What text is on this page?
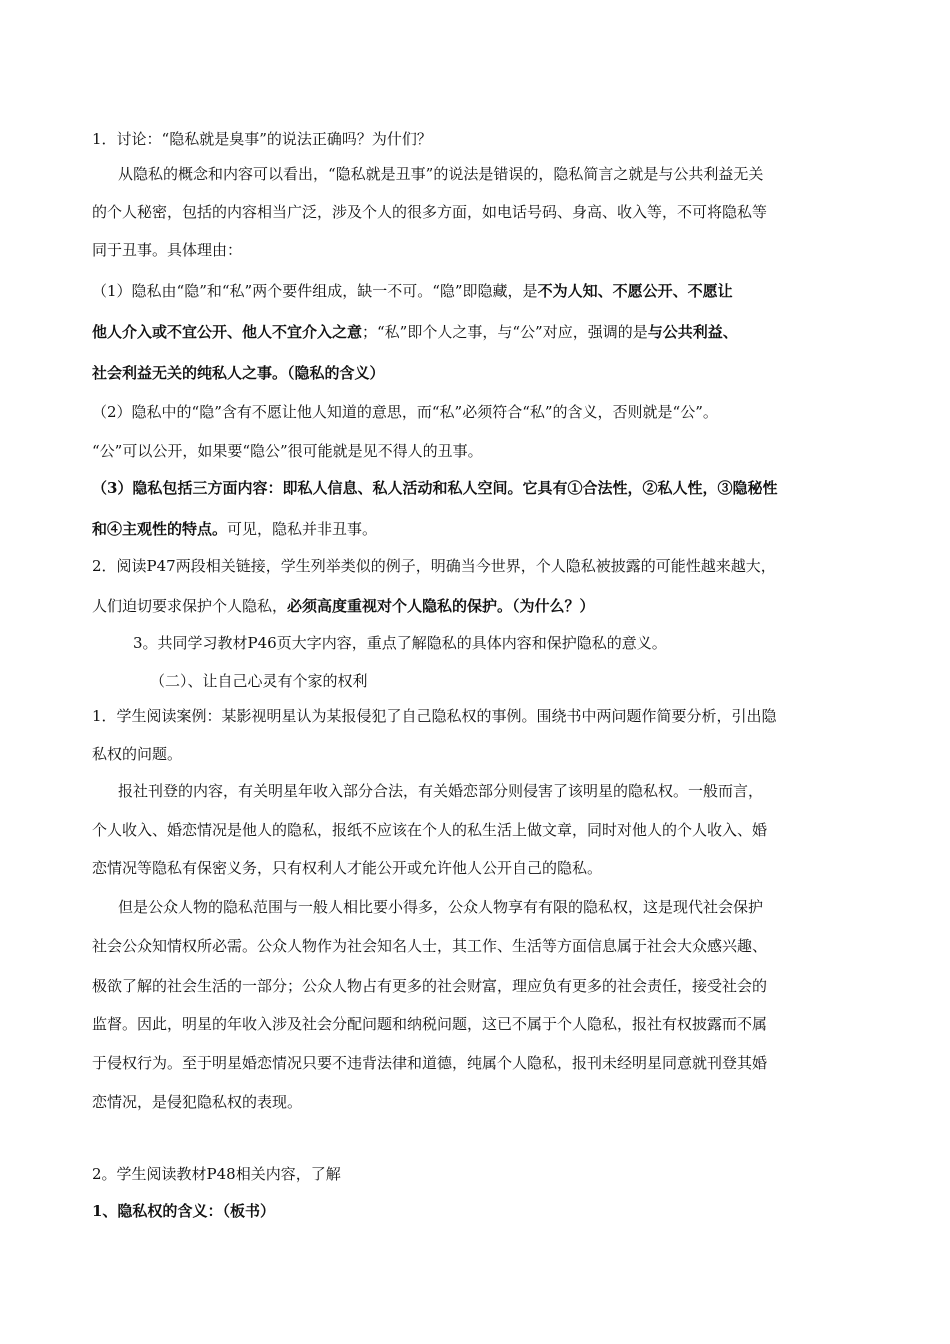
1．讨论：“隐私就是臭事”的说法正确吗？为什们？
从隐私的概念和内容可以看出，“隐私就是丑事”的说法是错误的，隐私简言之就是与公共利益无关
的个人秘密，包括的内容相当广泛，涉及个人的很多方面，如电话号码、身高、收入等，不可将隐私等
同于丑事。具体理由：
（1）隐私由“隐”和“私”两个要件组成，缺一不可。“隐”即隐藏，是不为人知、不愿公开、不愿让
他人介入或不宜公开、他人不宜介入之意；“私”即个人之事，与“公”对应，强调的是与公共利益、
社会利益无关的纯私人之事。（隐私的含义）
（2）隐私中的“隐”含有不愿让他人知道的意思，而“私”必须符合“私”的含义，否则就是“公”。
“公”可以公开，如果要“隐公”很可能就是见不得人的丑事。
（3）隐私包括三方面内容：即私人信息、私人活动和私人空间。它具有①合法性，②私人性，③隐秘性
和④主观性的特点。可见，隐私并非丑事。
2．阅读P47两段相关链接，学生列举类似的例子，明确当今世界，个人隐私被披露的可能性越来越大，
人们迫切要求保护个人隐私，必须高度重视对个人隐私的保护。（为什么？）
3。共同学习教材P46页大字内容，重点了解隐私的具体内容和保护隐私的意义。
（二）、让自己心灵有个家的权利
1．学生阅读案例：某影视明星认为某报侵犯了自己隐私权的事例。围绕书中两问题作简要分析，引出隐
私权的问题。
报社刊登的内容，有关明星年收入部分合法，有关婚恋部分则侵害了该明星的隐私权。一般而言，
个人收入、婚恋情况是他人的隐私，报纸不应该在个人的私生活上做文章，同时对他人的个人收入、婚
恋情况等隐私有保密义务，只有权利人才能公开或允许他人公开自己的隐私。
但是公众人物的隐私范围与一般人相比要小得多，公众人物享有有限的隐私权，这是现代社会保护
社会公众知情权所必需。公众人物作为社会知名人士，其工作、生活等方面信息属于社会大众感兴趣、
极欲了解的社会生活的一部分；公众人物占有更多的社会财富，理应负有更多的社会责任，接受社会的
监督。因此，明星的年收入涉及社会分配问题和纳税问题，这已不属于个人隐私，报社有权披露而不属
于侵权行为。至于明星婚恋情况只要不违背法律和道德，纯属个人隐私，报刊未经明星同意就刊登其婚
恋情况，是侵犯隐私权的表现。
2。学生阅读教材P48相关内容，了解
1、隐私权的含义：（板书）
